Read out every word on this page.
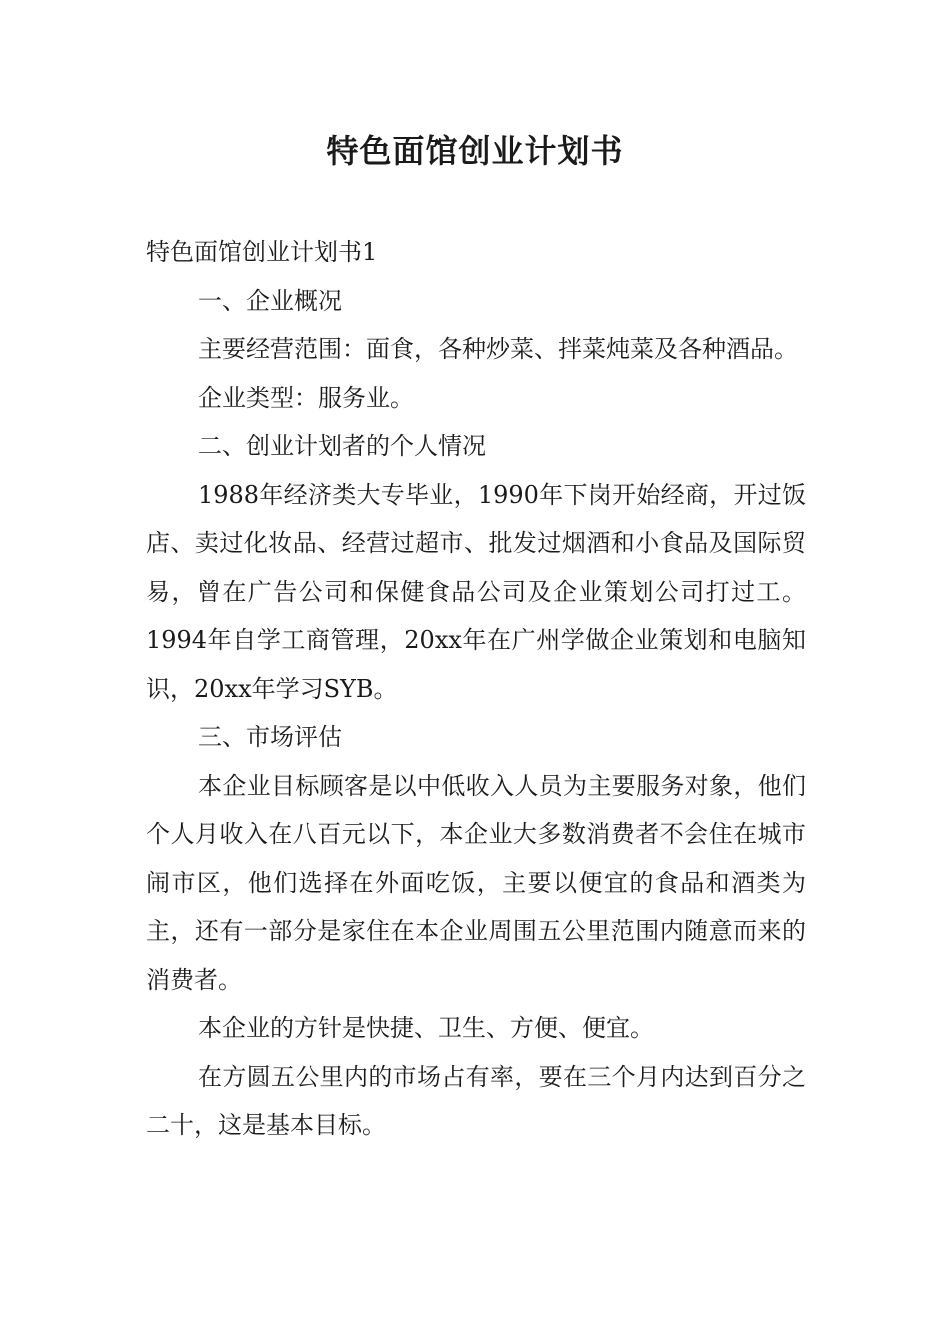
特色面馆创业计划书

特色面馆创业计划书1

一、企业概况

主要经营范围：面食，各种炒菜、拌菜炖菜及各种酒品。

企业类型：服务业。

二、创业计划者的个人情况

1988年经济类大专毕业，1990年下岗开始经商，开过饭店、卖过化妆品、经营过超市、批发过烟酒和小食品及国际贸易，曾在广告公司和保健食品公司及企业策划公司打过工。1994年自学工商管理，20xx年在广州学做企业策划和电脑知识，20xx年学习SYB。

三、市场评估

本企业目标顾客是以中低收入人员为主要服务对象，他们个人月收入在八百元以下，本企业大多数消费者不会住在城市闹市区，他们选择在外面吃饭，主要以便宜的食品和酒类为主，还有一部分是家住在本企业周围五公里范围内随意而来的消费者。

本企业的方针是快捷、卫生、方便、便宜。

在方圆五公里内的市场占有率，要在三个月内达到百分之二十，这是基本目标。
